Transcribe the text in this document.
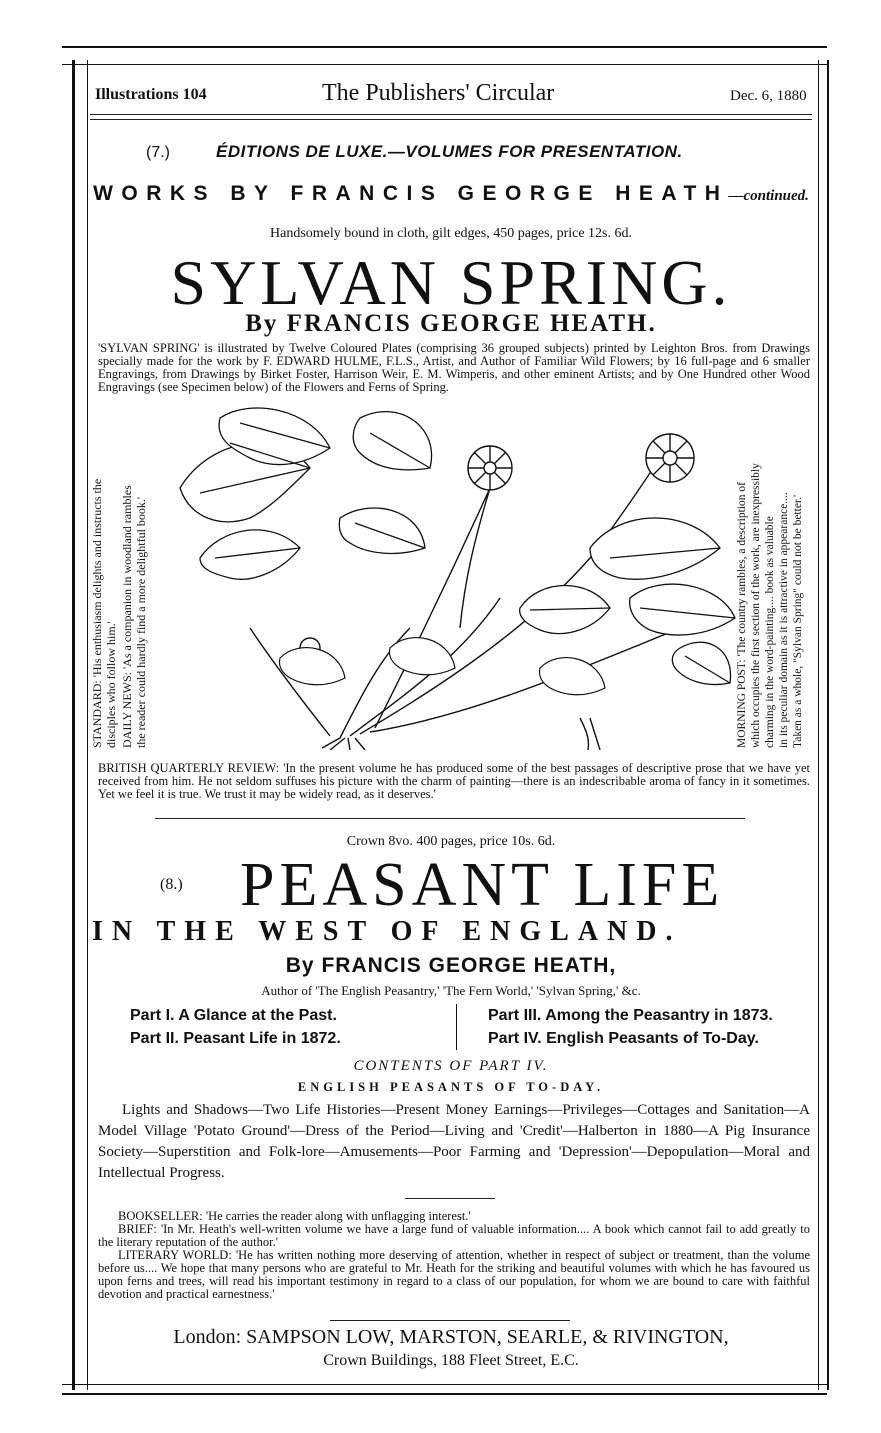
Illustrations 104	The Publishers' Circular	Dec. 6, 1880
(7.)	ÉDITIONS DE LUXE.—VOLUMES FOR PRESENTATION.
WORKS BY FRANCIS GEORGE HEATH—continued.
Handsomely bound in cloth, gilt edges, 450 pages, price 12s. 6d.
SYLVAN SPRING.
By FRANCIS GEORGE HEATH.
'SYLVAN SPRING' is illustrated by Twelve Coloured Plates (comprising 36 grouped subjects) printed by Leighton Bros. from Drawings specially made for the work by F. EDWARD HULME, F.L.S., Artist, and Author of Familiar Wild Flowers; by 16 full-page and 6 smaller Engravings, from Drawings by Birket Foster, Harrison Weir, E. M. Wimperis, and other eminent Artists; and by One Hundred other Wood Engravings (see Specimen below) of the Flowers and Ferns of Spring.
STANDARD: 'His enthusiasm delights and instructs the disciples who follow him.' DAILY NEWS: 'As a companion in woodland rambles the reader could hardly find a more delightful book.'	MORNING POST: 'The country rambles, a description of which occupies the first section of the work, are inexpressibly charming in the word-painting.... book as valuable in its peculiar domain as it is attractive in appearance.... Taken as a whole, "Sylvan Spring" could not be better.'
BRITISH QUARTERLY REVIEW: 'In the present volume he has produced some of the best passages of descriptive prose that we have yet received from him. He not seldom suffuses his picture with the charm of painting—there is an indescribable aroma of fancy in it sometimes. Yet we feel it is true. We trust it may be widely read, as it deserves.'
Crown 8vo. 400 pages, price 10s. 6d.
(8.) PEASANT LIFE
IN THE WEST OF ENGLAND.
By FRANCIS GEORGE HEATH,
Author of 'The English Peasantry,' 'The Fern World,' 'Sylvan Spring,' &c.
Part I. A Glance at the Past.
Part II. Peasant Life in 1872.
Part III. Among the Peasantry in 1873.
Part IV. English Peasants of To-Day.
CONTENTS OF PART IV.
ENGLISH PEASANTS OF TO-DAY.
Lights and Shadows—Two Life Histories—Present Money Earnings—Privileges—Cottages and Sanitation—A Model Village 'Potato Ground'—Dress of the Period—Living and 'Credit'—Halberton in 1880—A Pig Insurance Society—Superstition and Folk-lore—Amusements—Poor Farming and 'Depression'—Depopulation—Moral and Intellectual Progress.
BOOKSELLER: 'He carries the reader along with unflagging interest.'
BRIEF: 'In Mr. Heath's well-written volume we have a large fund of valuable information.... A book which cannot fail to add greatly to the literary reputation of the author.'
LITERARY WORLD: 'He has written nothing more deserving of attention, whether in respect of subject or treatment, than the volume before us.... We hope that many persons who are grateful to Mr. Heath for the striking and beautiful volumes with which he has favoured us upon ferns and trees, will read his important testimony in regard to a class of our population, for whom we are bound to care with faithful devotion and practical earnestness.'
London: SAMPSON LOW, MARSTON, SEARLE, & RIVINGTON,
Crown Buildings, 188 Fleet Street, E.C.
